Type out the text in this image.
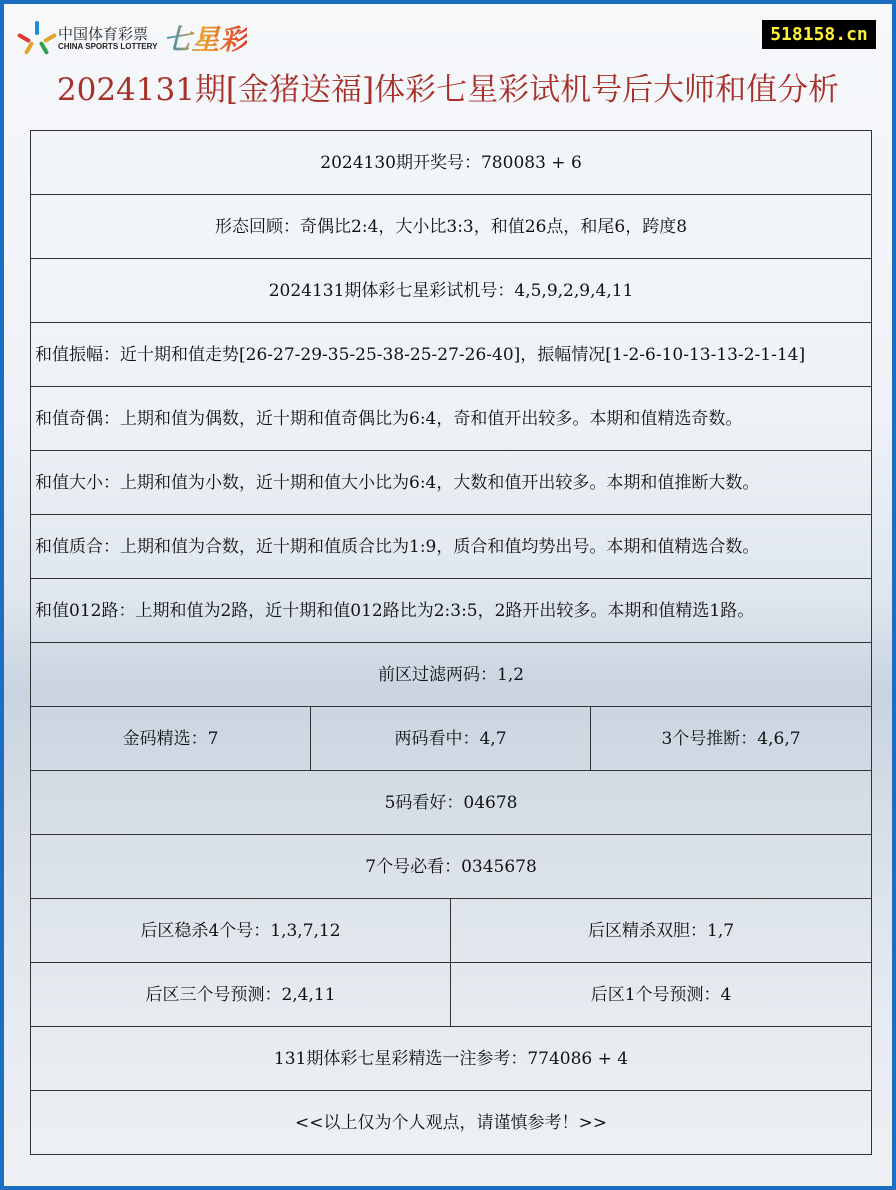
中国体育彩票
CHINA SPORTS LOTTERY 七星彩	518158.cn
2024131期[金猪送福]体彩七星彩试机号后大师和值分析
2024130期开奖号：780083 + 6			
形态回顾：奇偶比2:4，大小比3:3，和值26点，和尾6，跨度8			
2024131期体彩七星彩试机号：4,5,9,2,9,4,11			
和值振幅：近十期和值走势[26-27-29-35-25-38-25-27-26-40]，振幅情况[1-2-6-10-13-13-2-1-14]			
和值奇偶：上期和值为偶数，近十期和值奇偶比为6:4，奇和值开出较多。本期和值精选奇数。			
和值大小：上期和值为小数，近十期和值大小比为6:4，大数和值开出较多。本期和值推断大数。			
和值质合：上期和值为合数，近十期和值质合比为1:9，质合和值均势出号。本期和值精选合数。			
和值012路：上期和值为2路，近十期和值012路比为2:3:5，2路开出较多。本期和值精选1路。			
前区过滤两码：1,2			
金码精选：7	两码看中：4,7		3个号推断：4,6,7
5码看好：04678			
7个号必看：0345678			
后区稳杀4个号：1,3,7,12		后区精杀双胆：1,7	
后区三个号预测：2,4,11		后区1个号预测：4	
131期体彩七星彩精选一注参考：774086 + 4			
<<以上仅为个人观点，请谨慎参考！>>			
